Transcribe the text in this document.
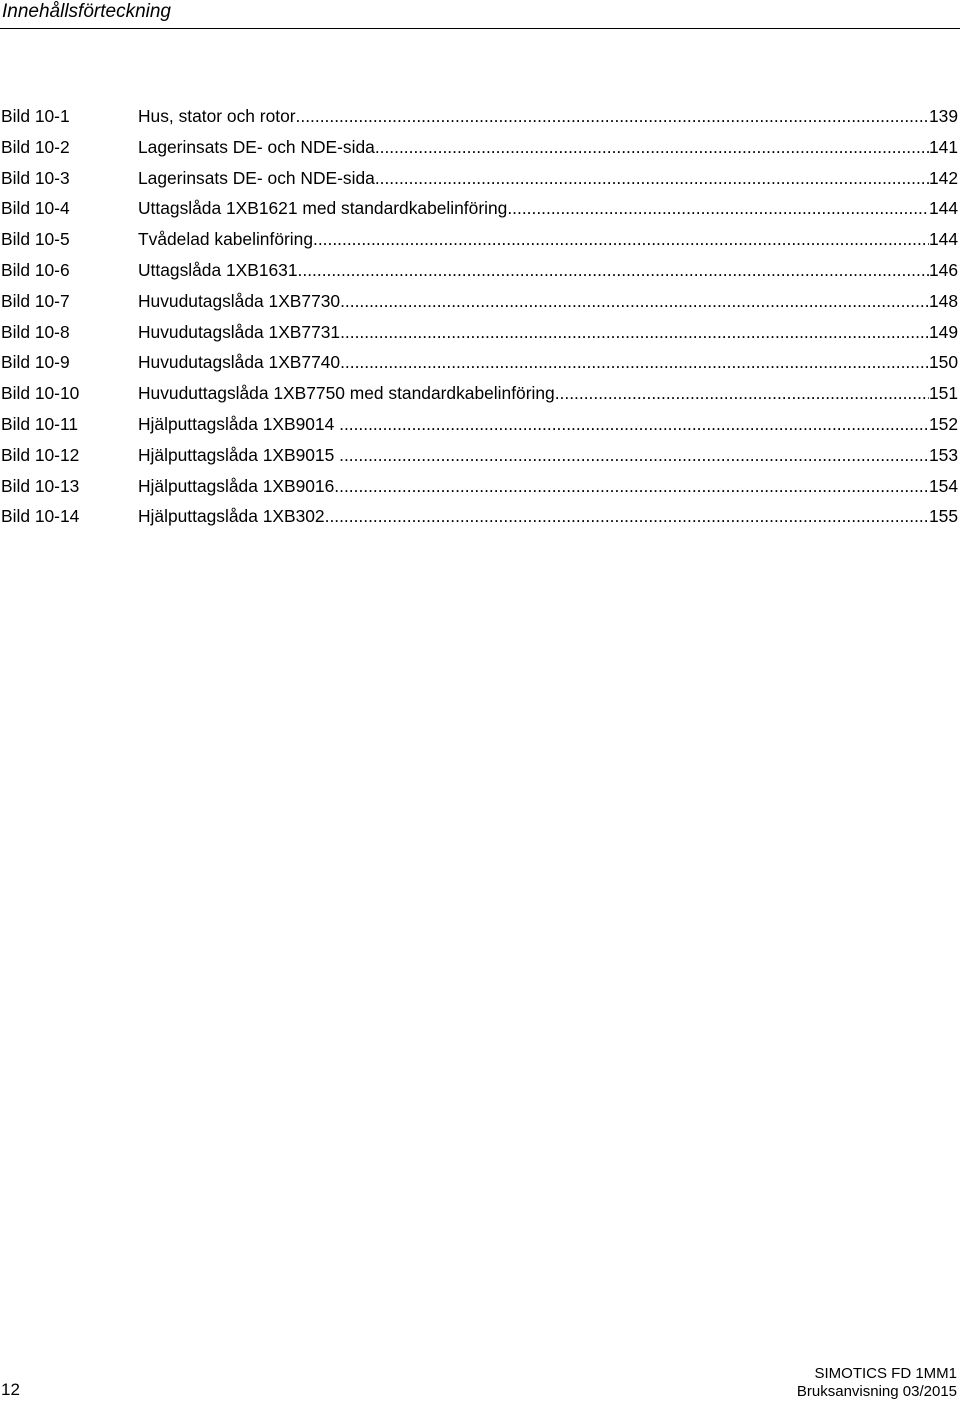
Innehållsförteckning
Bild 10-1	Hus, stator och rotor .....	139
Bild 10-2	Lagerinsats DE- och NDE-sida .....	141
Bild 10-3	Lagerinsats DE- och NDE-sida .....	142
Bild 10-4	Uttagslåda 1XB1621 med standardkabelinföring .....	144
Bild 10-5	Tvådelad kabelinföring .....	144
Bild 10-6	Uttagslåda 1XB1631 .....	146
Bild 10-7	Huvudutagslåda 1XB7730 .....	148
Bild 10-8	Huvudutagslåda 1XB7731 .....	149
Bild 10-9	Huvudutagslåda 1XB7740 .....	150
Bild 10-10	Huvuduttagslåda 1XB7750 med standardkabelinföring .....	151
Bild 10-11	Hjälputtagslåda 1XB9014 .....	152
Bild 10-12	Hjälputtagslåda 1XB9015 .....	153
Bild 10-13	Hjälputtagslåda 1XB9016 .....	154
Bild 10-14	Hjälputtagslåda 1XB302 .....	155
12
SIMOTICS FD 1MM1
Bruksanvisning 03/2015
